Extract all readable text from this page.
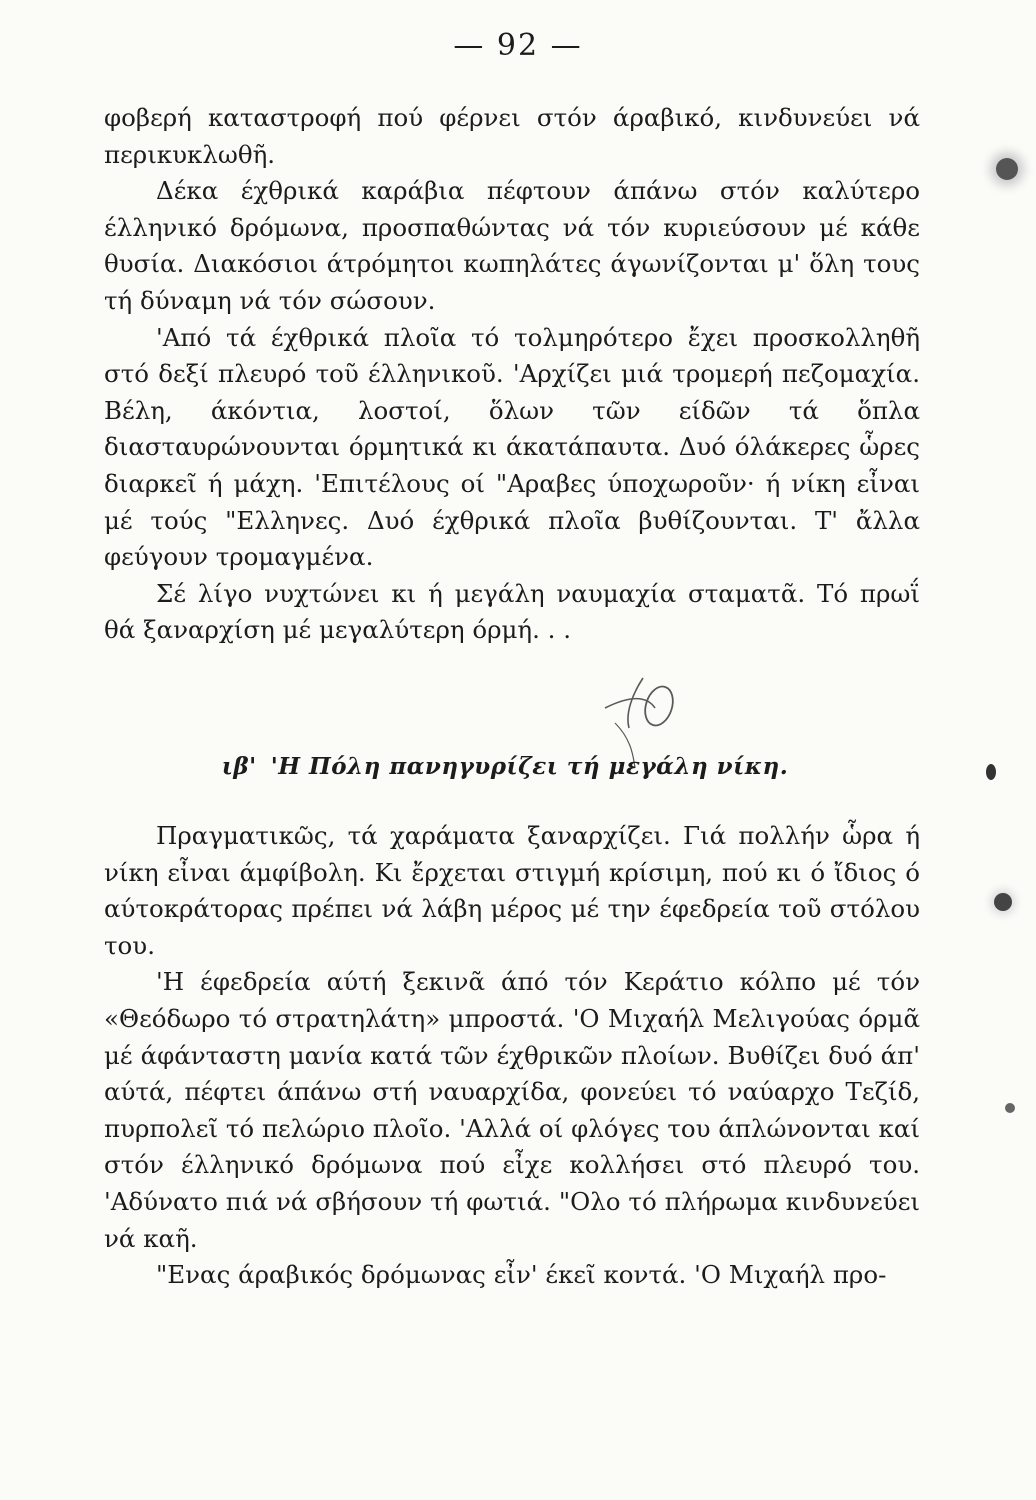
— 92 —

φοβερή καταστροφή πού φέρνει στόν άραβικό, κινδυνεύει νά περικυκλωθῆ.

Δέκα έχθρικά καράβια πέφτουν άπάνω στόν καλύτερο έλληνικό δρόμωνα, προσπαθώντας νά τόν κυριεύσουν μέ κάθε θυσία. Διακόσιοι άτρόμητοι κωπηλάτες άγωνίζονται μ' ὅλη τους τή δύναμη νά τόν σώσουν.

'Από τά έχθρικά πλοῖα τό τολμηρότερο ἔχει προσκολληθῆ στό δεξί πλευρό τοῦ έλληνικοῦ. 'Αρχίζει μιά τρομερή πεζομαχία. Βέλη, άκόντια, λοστοί, ὅλων τῶν είδῶν τά ὅπλα διασταυρώνουνται όρμητικά κι άκατάπαυτα. Δυό όλάκερες ὧρες διαρκεῖ ή μάχη. 'Επιτέλους οί "Αραβες ύποχωροῦν· ή νίκη εἶναι μέ τούς "Ελληνες. Δυό έχθρικά πλοῖα βυθίζουνται. Τ' ἄλλα φεύγουν τρομαγμένα.

Σέ λίγο νυχτώνει κι ή μεγάλη ναυμαχία σταματᾶ. Τό πρωΐ θά ξαναρχίση μέ μεγαλύτερη όρμή. . .

ιβ' 'Η Πόλη πανηγυρίζει τή μεγάλη νίκη.

Πραγματικῶς, τά χαράματα ξαναρχίζει. Γιά πολλήν ὧρα ή νίκη εἶναι άμφίβολη. Κι ἔρχεται στιγμή κρίσιμη, πού κι ό ἴδιος ό αύτοκράτορας πρέπει νά λάβη μέρος μέ την έφεδρεία τοῦ στόλου του.

'Η έφεδρεία αύτή ξεκινᾶ άπό τόν Κεράτιο κόλπο μέ τόν «Θεόδωρο τό στρατηλάτη» μπροστά. 'Ο Μιχαήλ Μελιγούας όρμᾶ μέ άφάνταστη μανία κατά τῶν έχθρικῶν πλοίων. Βυθίζει δυό άπ' αύτά, πέφτει άπάνω στή ναυαρχίδα, φονεύει τό ναύαρχο Τεζίδ, πυρπολεῖ τό πελώριο πλοῖο. 'Αλλά οί φλόγες του άπλώνονται καί στόν έλληνικό δρόμωνα πού εἶχε κολλήσει στό πλευρό του. 'Αδύνατο πιά νά σβήσουν τή φωτιά. "Ολο τό πλήρωμα κινδυνεύει νά καῆ.

"Ενας άραβικός δρόμωνας εἶν' έκεῖ κοντά. 'Ο Μιχαήλ προ-
